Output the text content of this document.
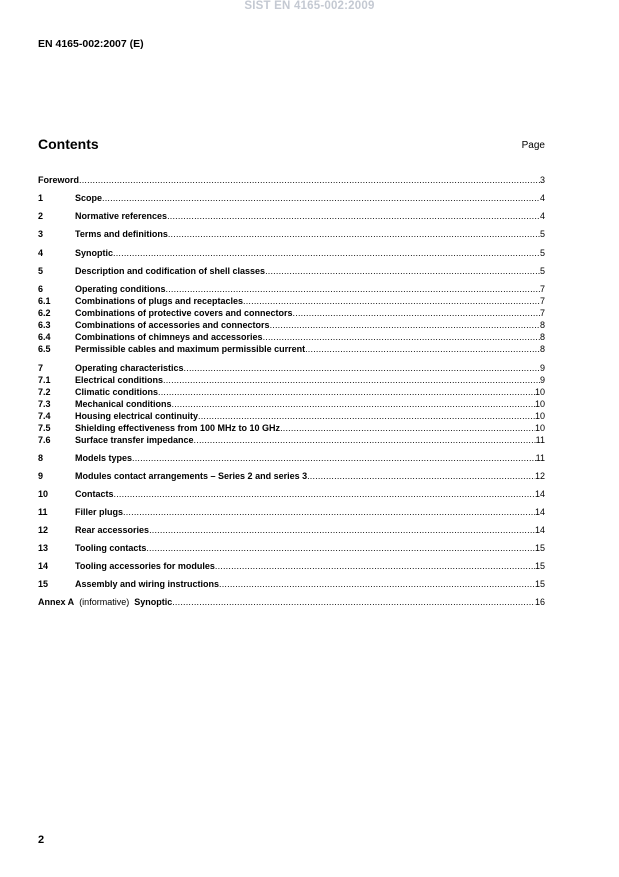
SIST EN 4165-002:2009
EN 4165-002:2007 (E)
Contents	Page
Foreword .....	3
1	Scope .....	4
2	Normative references .....	4
3	Terms and definitions .....	5
4	Synoptic .....	5
5	Description and codification of shell classes .....	5
6	Operating conditions .....	7
6.1	Combinations of plugs and receptacles .....	7
6.2	Combinations of protective covers and connectors .....	7
6.3	Combinations of accessories and connectors .....	8
6.4	Combinations of chimneys and accessories .....	8
6.5	Permissible cables and maximum permissible current .....	8
7	Operating characteristics .....	9
7.1	Electrical conditions .....	9
7.2	Climatic conditions .....	10
7.3	Mechanical conditions .....	10
7.4	Housing electrical continuity .....	10
7.5	Shielding effectiveness from 100 MHz to 10 GHz .....	10
7.6	Surface transfer impedance .....	11
8	Models types .....	11
9	Modules contact arrangements – Series 2 and series 3 .....	12
10	Contacts .....	14
11	Filler plugs .....	14
12	Rear accessories .....	14
13	Tooling contacts .....	15
14	Tooling accessories for modules .....	15
15	Assembly and wiring instructions .....	15
Annex A (informative) Synoptic .....	16
2
